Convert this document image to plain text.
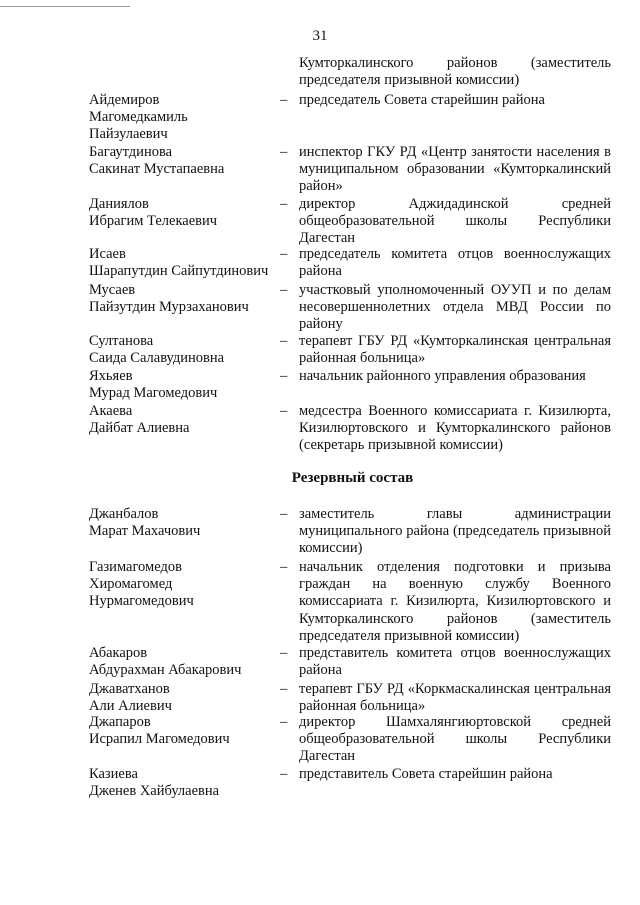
31
Кумторкалинского районов (заместитель председателя призывной комиссии)
Айдемиров
Магомедкамиль
Пайзулаевич
– председатель Совета старейшин района
Багаутдинова
Сакинат Мустапаевна
– инспектор ГКУ РД «Центр занятости населения в муниципальном образовании «Кумторкалинский район»
Даниялов
Ибрагим Телекаевич
– директор Аджидадинской средней общеобразовательной школы Республики Дагестан
Исаев
Шарапутдин Сайпутдинович
– председатель комитета отцов военнослужащих района
Мусаев
Пайзутдин Мурзаханович
– участковый уполномоченный ОУУП и по делам несовершеннолетних отдела МВД России по району
Султанова
Саида Салавудиновна
– терапевт ГБУ РД «Кумторкалинская центральная районная больница»
Яхьяев
Мурад Магомедович
– начальник районного управления образования
Акаева
Дайбат Алиевна
– медсестра Военного комиссариата г. Кизилюрта, Кизилюртовского и Кумторкалинского районов (секретарь призывной комиссии)
Резервный состав
Джанбалов
Марат Махачович
– заместитель главы администрации муниципального района (председатель призывной комиссии)
Газимагомедов
Хиромагомед
Нурмагомедович
– начальник отделения подготовки и призыва граждан на военную службу Военного комиссариата г. Кизилюрта, Кизилюртовского и Кумторкалинского районов (заместитель председателя призывной комиссии)
Абакаров
Абдурахман Абакарович
– представитель комитета отцов военнослужащих района
Джаватханов
Али Алиевич
– терапевт ГБУ РД «Коркмаскалинская центральная районная больница»
Джапаров
Исрапил Магомедович
– директор Шамхалянгиюртовской средней общеобразовательной школы Республики Дагестан
Казиева
Дженев Хайбулаевна
– представитель Совета старейшин района
